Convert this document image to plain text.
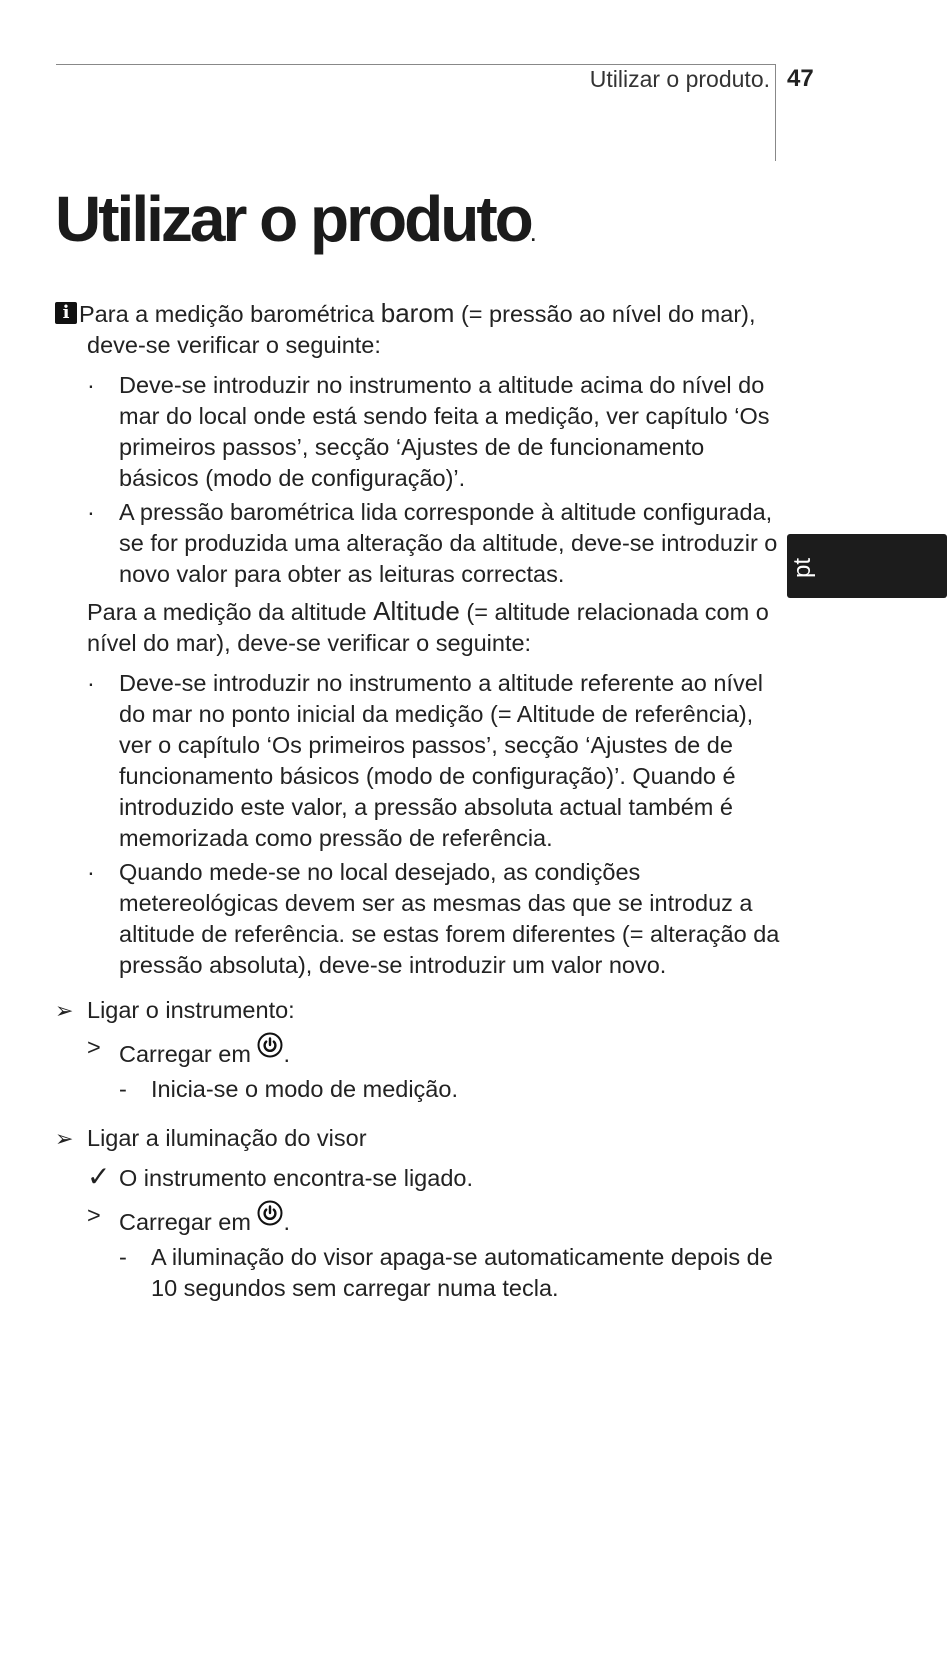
Utilizar o produto. 47
pt
Utilizar o produto.

i Para a medição barométrica barom (= pressão ao nível do mar), deve-se verificar o seguinte:

· Deve-se introduzir no instrumento a altitude acima do nível do mar do local onde está sendo feita a medição, ver capítulo ‘Os primeiros passos’, secção ‘Ajustes de de funcionamento básicos (modo de configuração)’.
· A pressão barométrica lida corresponde à altitude configurada, se for produzida uma alteração da altitude, deve-se introduzir o novo valor para obter as leituras correctas.

Para a medição da altitude Altitude (= altitude relacionada com o nível do mar), deve-se verificar o seguinte:

· Deve-se introduzir no instrumento a altitude referente ao nível do mar no ponto inicial da medição (= Altitude de referência), ver o capítulo ‘Os primeiros passos’, secção ‘Ajustes de de funcionamento básicos (modo de configuração)’. Quando é introduzido este valor, a pressão absoluta actual também é memorizada como pressão de referência.
· Quando mede-se no local desejado, as condições metereológicas devem ser as mesmas das que se introduz a altitude de referência. se estas forem diferentes (= alteração da pressão absoluta), deve-se introduzir um valor novo.
➢ Ligar o instrumento:
> Carregar em .
- Inicia-se o modo de medição.
➢ Ligar a iluminação do visor
✓ O instrumento encontra-se ligado.
> Carregar em .
- A iluminação do visor apaga-se automaticamente depois de 10 segundos sem carregar numa tecla.
